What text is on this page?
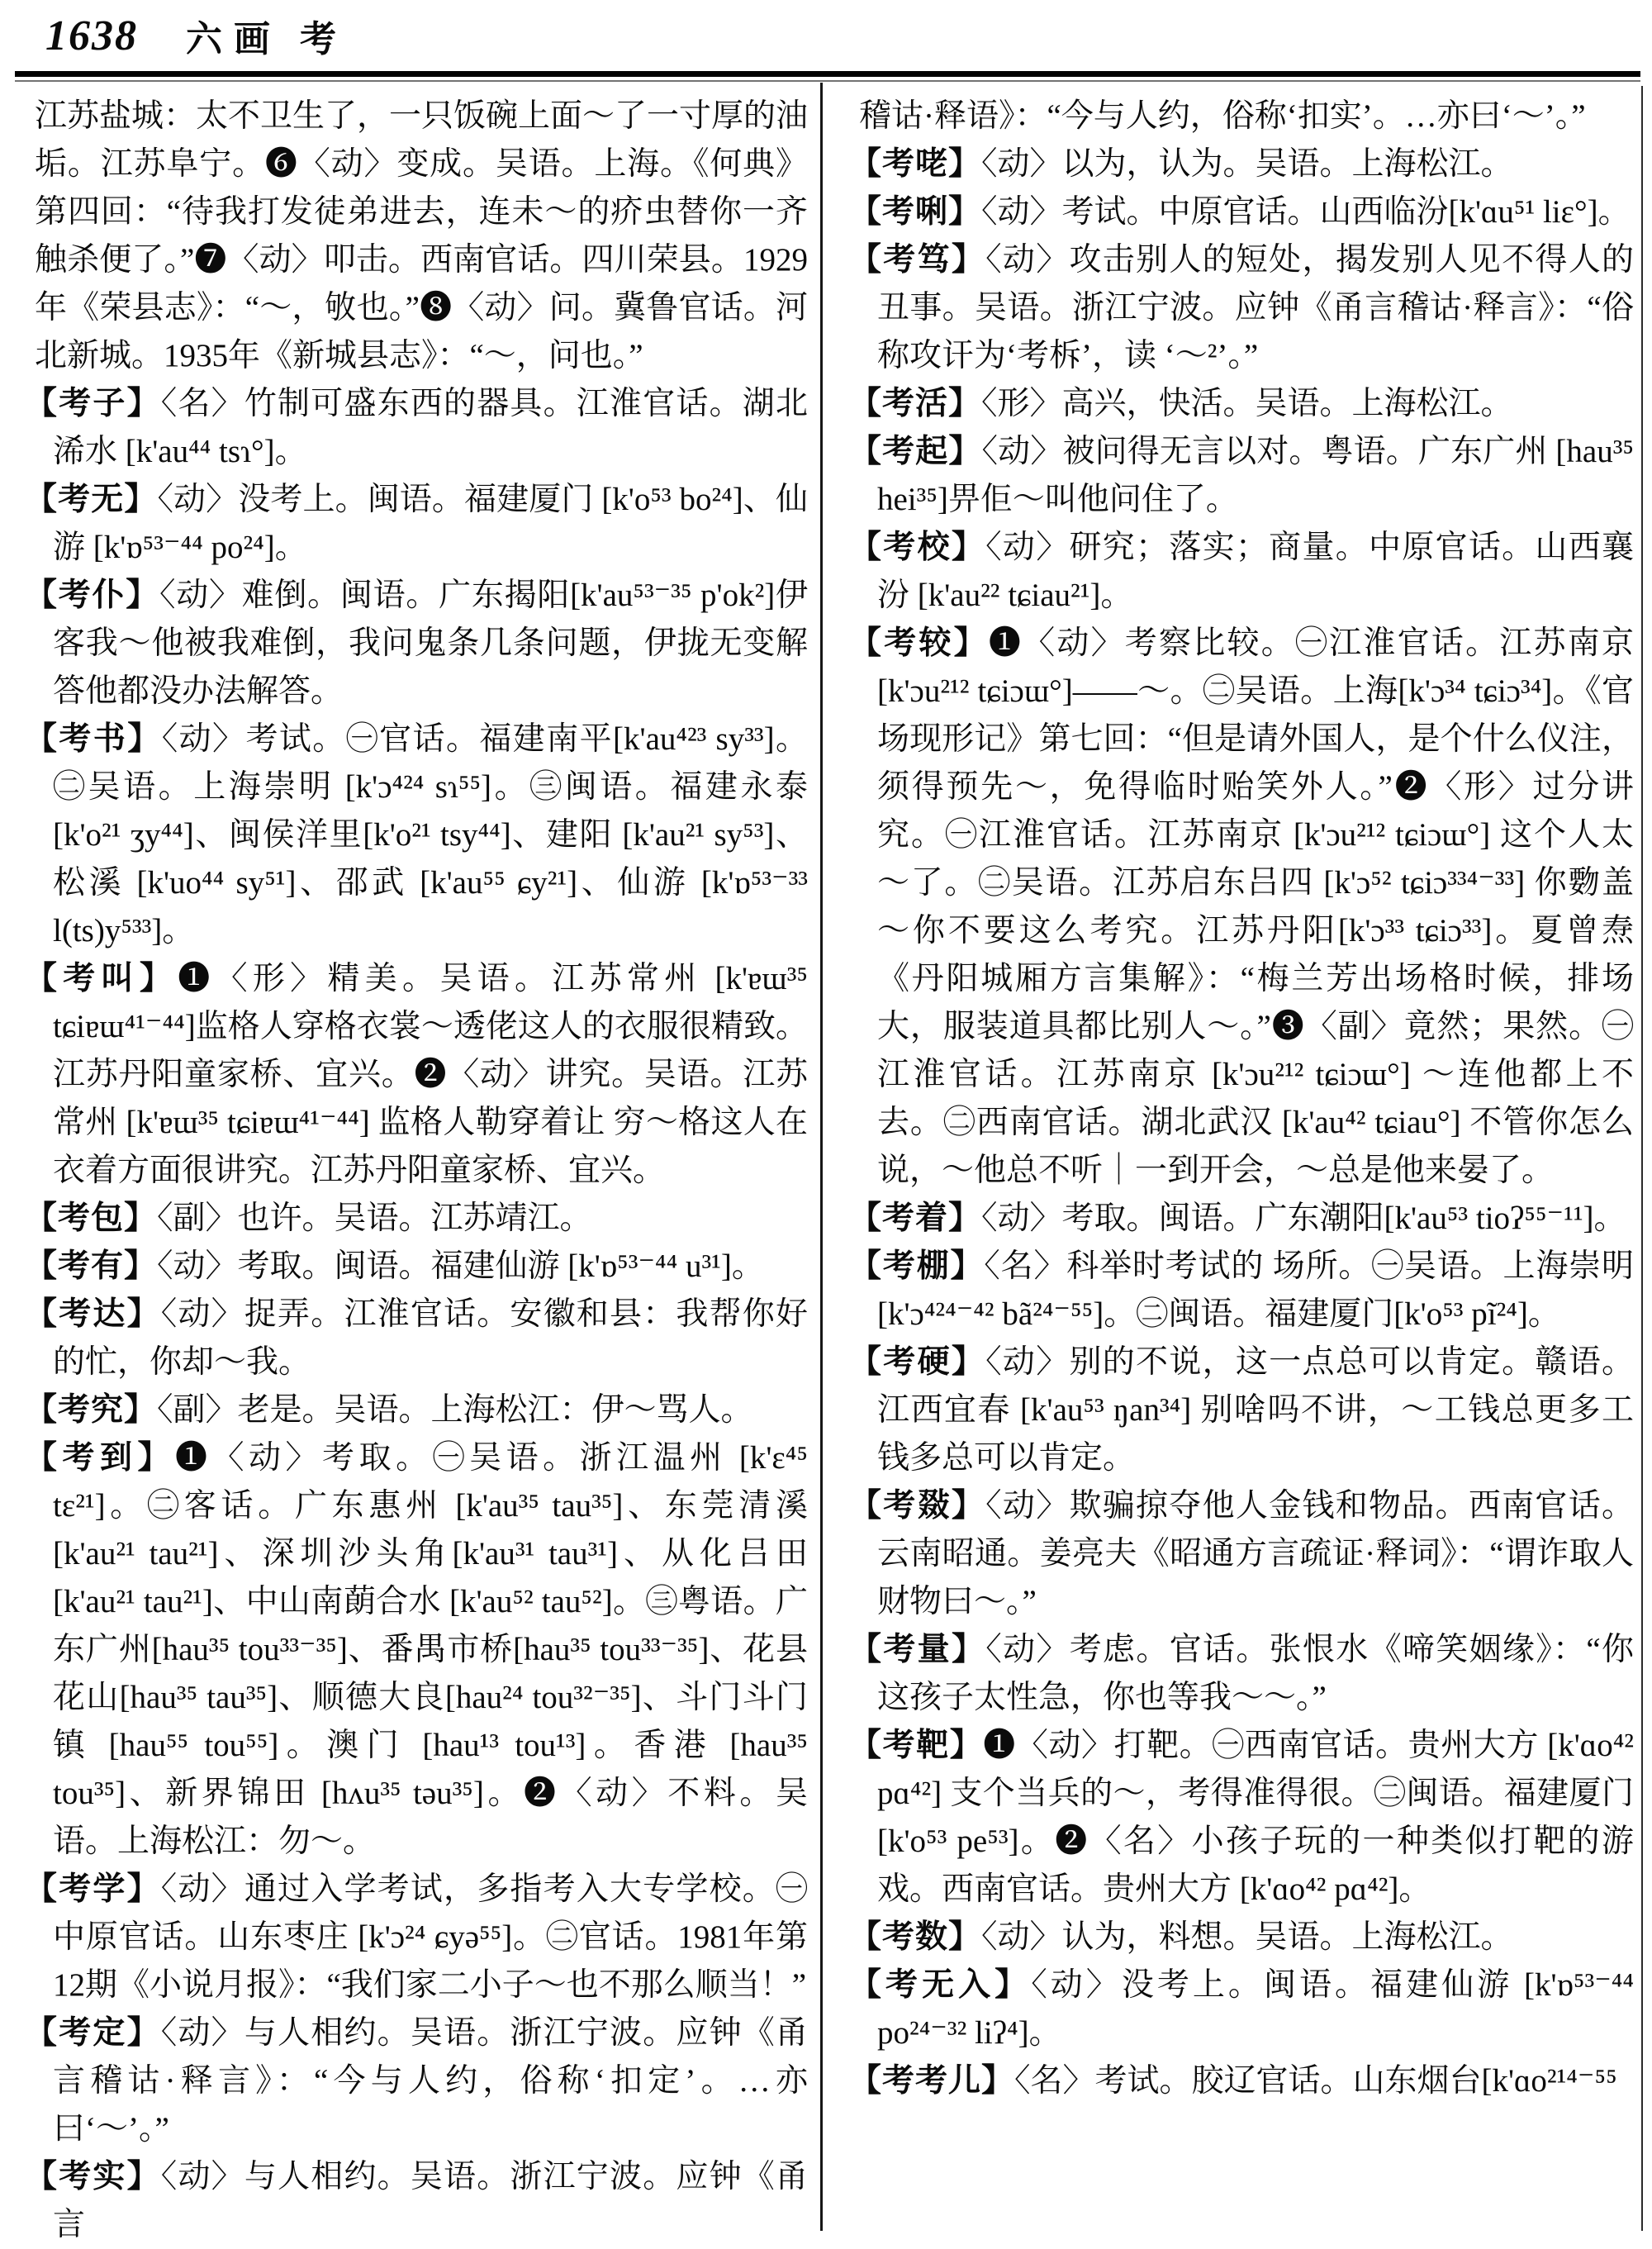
1638 六画 考

江苏盐城：太不卫生了，一只饭碗上面～了一寸厚的油垢。江苏阜宁。❻〈动〉变成。吴语。上海。《何典》第四回：“待我打发徒弟进去，连未～的疥虫替你一齐触杀便了。”❼〈动〉叩击。西南官话。四川荣县。1929年《荣县志》：“～，敂也。”❽〈动〉问。冀鲁官话。河北新城。1935年《新城县志》：“～，问也。”

【考子】〈名〉竹制可盛东西的器具。江淮官话。湖北浠水 [k'au⁴⁴ tsɿ°]。

【考无】〈动〉没考上。闽语。福建厦门 [k'o⁵³ bo²⁴]、仙游 [k'ɒ⁵³⁻⁴⁴ po²⁴]。

【考仆】〈动〉难倒。闽语。广东揭阳[k'au⁵³⁻³⁵ p'ok²]伊客我～他被我难倒，我问鬼条几条问题，伊拢无变解答他都没办法解答。

【考书】〈动〉考试。㊀官话。福建南平[k'au⁴²³ sy³³]。㊁吴语。上海崇明 [k'ɔ⁴²⁴ sɿ⁵⁵]。㊂闽语。福建永泰 [k'o²¹ ʒy⁴⁴]、闽侯洋里[k'o²¹ tsy⁴⁴]、建阳 [k'au²¹ sy⁵³]、松溪 [k'uo⁴⁴ sy⁵¹]、邵武 [k'au⁵⁵ ɕy²¹]、仙游 [k'ɒ⁵³⁻³³ l(ts)y⁵³³]。

【考叫】❶〈形〉精美。吴语。江苏常州 [k'ɐɯ³⁵ tɕiɐɯ⁴¹⁻⁴⁴]监格人穿格衣裳～透佬这人的衣服很精致。江苏丹阳童家桥、宜兴。❷〈动〉讲究。吴语。江苏常州 [k'ɐɯ³⁵ tɕiɐɯ⁴¹⁻⁴⁴] 监格人勒穿着让 穷～格这人在衣着方面很讲究。江苏丹阳童家桥、宜兴。

【考包】〈副〉也许。吴语。江苏靖江。

【考有】〈动〉考取。闽语。福建仙游 [k'ɒ⁵³⁻⁴⁴ u³¹]。

【考达】〈动〉捉弄。江淮官话。安徽和县：我帮你好的忙，你却～我。

【考究】〈副〉老是。吴语。上海松江：伊～骂人。

【考到】❶〈动〉考取。㊀吴语。浙江温州 [k'ɛ⁴⁵ tɛ²¹]。㊁客话。广东惠州 [k'au³⁵ tau³⁵]、东莞清溪[k'au²¹ tau²¹]、深圳沙头角[k'au³¹ tau³¹]、从化吕田[k'au²¹ tau²¹]、中山南蓢合水 [k'au⁵² tau⁵²]。㊂粤语。广东广州[hau³⁵ tou³³⁻³⁵]、番禺市桥[hau³⁵ tou³³⁻³⁵]、花县花山[hau³⁵ tau³⁵]、顺德大良[hau²⁴ tou³²⁻³⁵]、斗门斗门镇 [hau⁵⁵ tou⁵⁵]。澳门 [hau¹³ tou¹³]。香港 [hau³⁵ tou³⁵]、新界锦田 [hʌu³⁵ təu³⁵]。❷〈动〉不料。吴语。上海松江：勿～。

【考学】〈动〉通过入学考试，多指考入大专学校。㊀中原官话。山东枣庄 [k'ɔ²⁴ ɕyə⁵⁵]。㊁官话。1981年第12期《小说月报》：“我们家二小子～也不那么顺当！”

【考定】〈动〉与人相约。吴语。浙江宁波。应钟《甬言稽诂·释言》：“今与人约，俗称‘扣定’。…亦曰‘～’。”

【考实】〈动〉与人相约。吴语。浙江宁波。应钟《甬言

稽诂·释语》：“今与人约，俗称‘扣实’。…亦曰‘～’。”

【考咾】〈动〉以为，认为。吴语。上海松江。

【考唎】〈动〉考试。中原官话。山西临汾[k'ɑu⁵¹ liɛ°]。

【考笃】〈动〉攻击别人的短处，揭发别人见不得人的丑事。吴语。浙江宁波。应钟《甬言稽诂·释言》：“俗称攻讦为‘考柝’，读 ‘～²’。”

【考活】〈形〉高兴，快活。吴语。上海松江。

【考起】〈动〉被问得无言以对。粤语。广东广州 [hau³⁵ hei³⁵]畀佢～叫他问住了。

【考校】〈动〉研究；落实；商量。中原官话。山西襄汾 [k'au²² tɕiau²¹]。

【考较】❶〈动〉考察比较。㊀江淮官话。江苏南京 [k'ɔu²¹² tɕiɔɯ°]——～。㊁吴语。上海[k'ɔ³⁴ tɕiɔ³⁴]。《官场现形记》第七回：“但是请外国人，是个什么仪注，须得预先～，免得临时贻笑外人。”❷〈形〉过分讲究。㊀江淮官话。江苏南京 [k'ɔu²¹² tɕiɔɯ°] 这个人太～了。㊁吴语。江苏启东吕四 [k'ɔ⁵² tɕiɔ³³⁴⁻³³] 你覅盖～你不要这么考究。江苏丹阳[k'ɔ³³ tɕiɔ³³]。夏曾焘《丹阳城厢方言集解》：“梅兰芳出场格时候，排场大，服装道具都比别人～。”❸〈副〉竟然；果然。㊀江淮官话。江苏南京 [k'ɔu²¹² tɕiɔɯ°] ～连他都上不去。㊁西南官话。湖北武汉 [k'au⁴² tɕiau°] 不管你怎么说，～他总不听｜一到开会，～总是他来晏了。

【考着】〈动〉考取。闽语。广东潮阳[k'au⁵³ tioʔ⁵⁵⁻¹¹]。

【考棚】〈名〉科举时考试的 场所。㊀吴语。上海崇明 [k'ɔ⁴²⁴⁻⁴² bã²⁴⁻⁵⁵]。㊁闽语。福建厦门[k'o⁵³ pĩ²⁴]。

【考硬】〈动〉别的不说，这一点总可以肯定。赣语。江西宜春 [k'au⁵³ ŋan³⁴] 别啥吗不讲，～工钱总更多工钱多总可以肯定。

【考敠】〈动〉欺骗掠夺他人金钱和物品。西南官话。云南昭通。姜亮夫《昭通方言疏证·释词》：“谓诈取人财物曰～。”

【考量】〈动〉考虑。官话。张恨水《啼笑姻缘》：“你这孩子太性急，你也等我～～。”

【考靶】❶〈动〉打靶。㊀西南官话。贵州大方 [k'ɑo⁴² pɑ⁴²] 支个当兵的～，考得准得很。㊁闽语。福建厦门 [k'o⁵³ pe⁵³]。❷〈名〉小孩子玩的一种类似打靶的游戏。西南官话。贵州大方 [k'ɑo⁴² pɑ⁴²]。

【考数】〈动〉认为，料想。吴语。上海松江。

【考无入】〈动〉没考上。闽语。福建仙游 [k'ɒ⁵³⁻⁴⁴ po²⁴⁻³² liʔ⁴]。

【考考儿】〈名〉考试。胶辽官话。山东烟台[k'ɑo²¹⁴⁻⁵⁵
